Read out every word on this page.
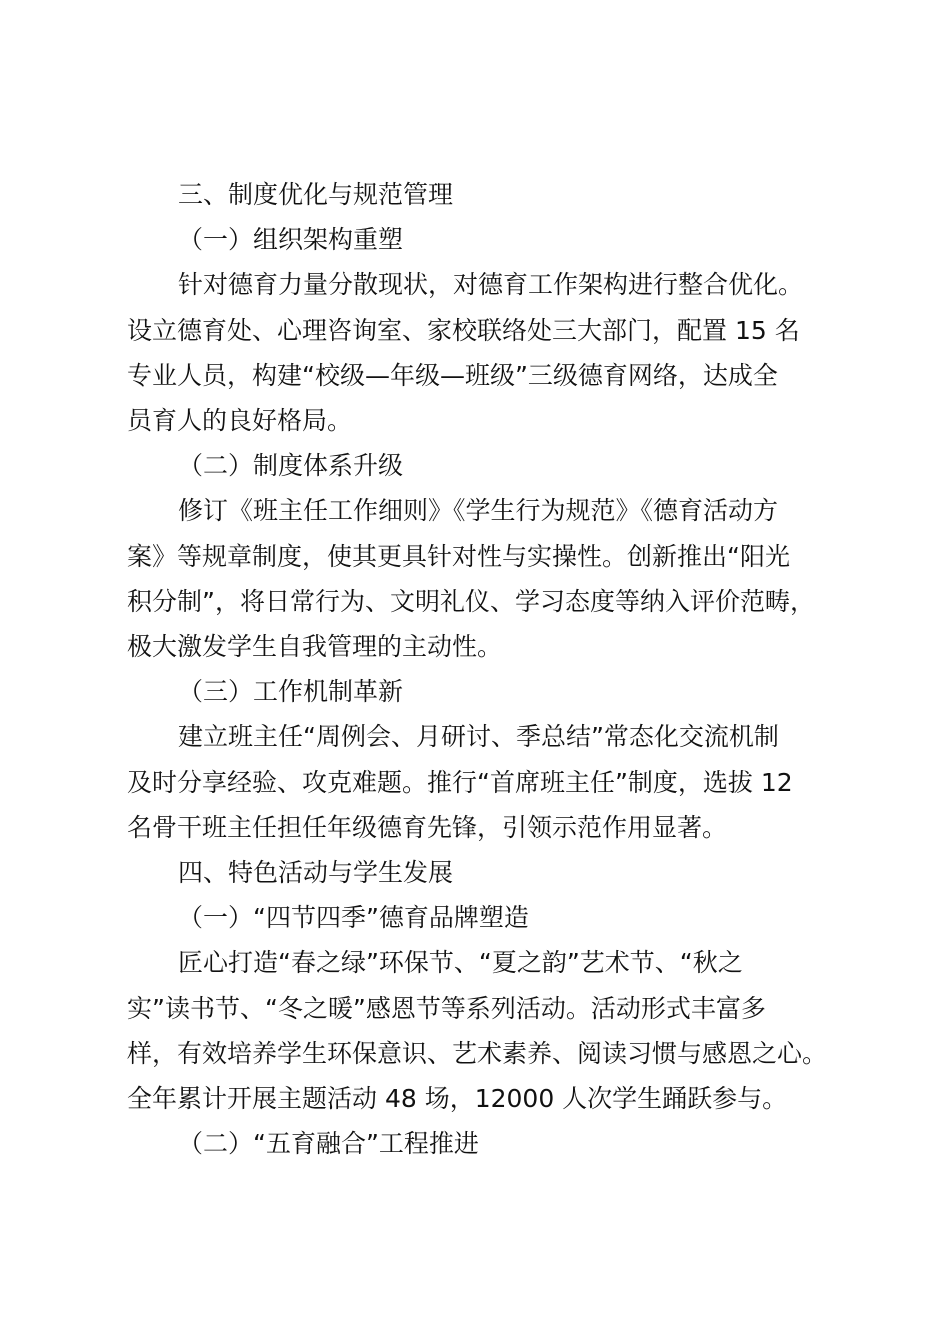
三、制度优化与规范管理

（一）组织架构重塑

针对德育力量分散现状，对德育工作架构进行整合优化。

设立德育处、心理咨询室、家校联络处三大部门，配置 15 名

专业人员，构建“校级—年级—班级”三级德育网络，达成全

员育人的良好格局。

（二）制度体系升级

修订《班主任工作细则》《学生行为规范》《德育活动方

案》等规章制度，使其更具针对性与实操性。创新推出“阳光

积分制”，将日常行为、文明礼仪、学习态度等纳入评价范畴，

极大激发学生自我管理的主动性。

（三）工作机制革新

建立班主任“周例会、月研讨、季总结”常态化交流机制

及时分享经验、攻克难题。推行“首席班主任”制度，选拔 12

名骨干班主任担任年级德育先锋，引领示范作用显著。

四、特色活动与学生发展

（一）“四节四季”德育品牌塑造

匠心打造“春之绿”环保节、“夏之韵”艺术节、“秋之

实”读书节、“冬之暖”感恩节等系列活动。活动形式丰富多

样，有效培养学生环保意识、艺术素养、阅读习惯与感恩之心。

全年累计开展主题活动 48 场，12000 人次学生踊跃参与。

（二）“五育融合”工程推进
